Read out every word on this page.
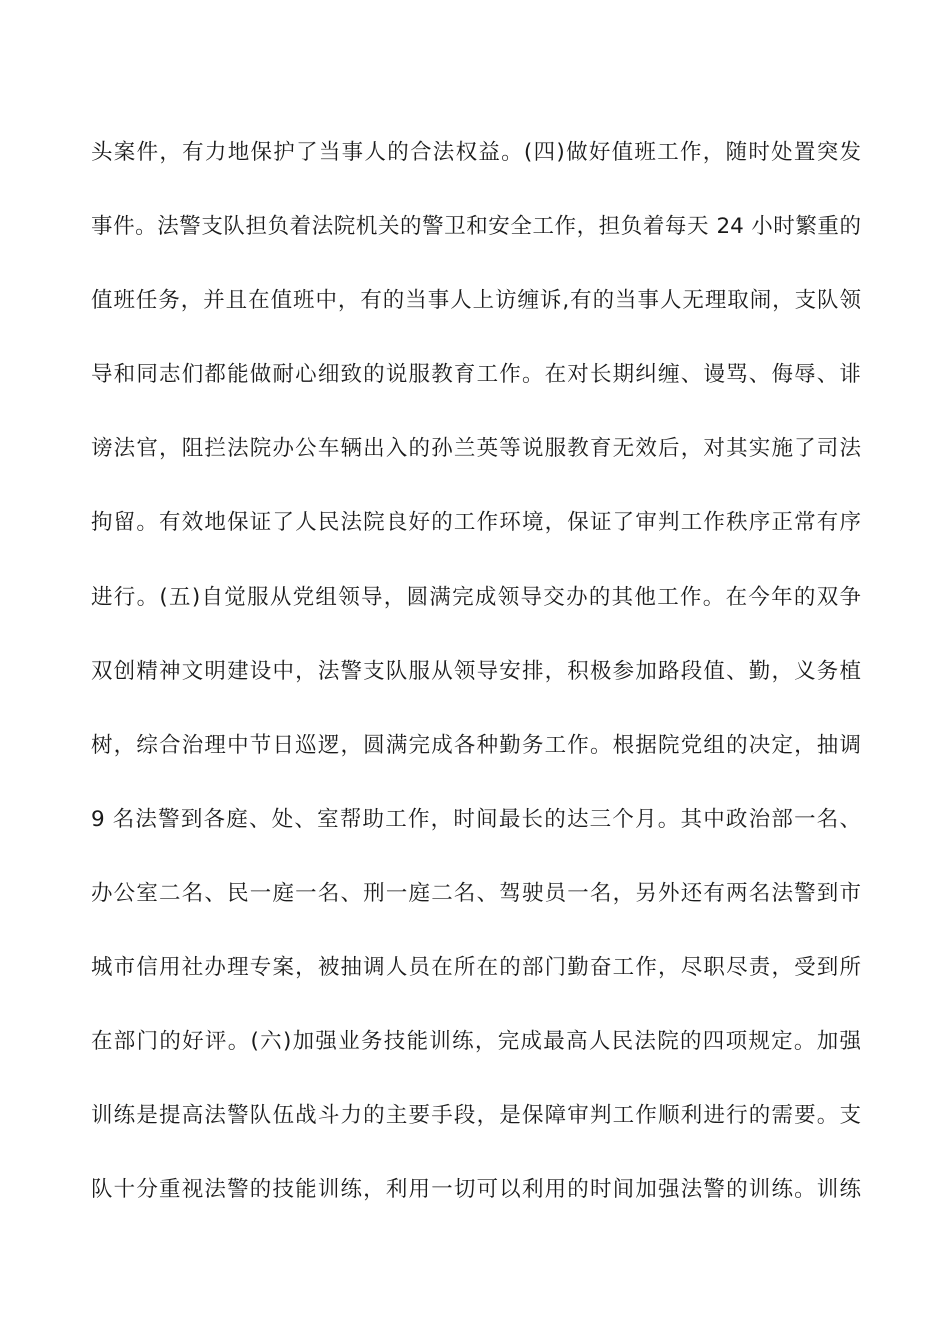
头案件，有力地保护了当事人的合法权益。(四)做好值班工作，随时处置突发
事件。法警支队担负着法院机关的警卫和安全工作，担负着每天 24 小时繁重的
值班任务，并且在值班中，有的当事人上访缠诉,有的当事人无理取闹，支队领
导和同志们都能做耐心细致的说服教育工作。在对长期纠缠、谩骂、侮辱、诽
谤法官，阻拦法院办公车辆出入的孙兰英等说服教育无效后，对其实施了司法
拘留。有效地保证了人民法院良好的工作环境，保证了审判工作秩序正常有序
进行。(五)自觉服从党组领导，圆满完成领导交办的其他工作。在今年的双争
双创精神文明建设中，法警支队服从领导安排，积极参加路段值、勤，义务植
树，综合治理中节日巡逻，圆满完成各种勤务工作。根据院党组的决定，抽调
9 名法警到各庭、处、室帮助工作，时间最长的达三个月。其中政治部一名、
办公室二名、民一庭一名、刑一庭二名、驾驶员一名，另外还有两名法警到市
城市信用社办理专案，被抽调人员在所在的部门勤奋工作，尽职尽责，受到所
在部门的好评。(六)加强业务技能训练，完成最高人民法院的四项规定。加强
训练是提高法警队伍战斗力的主要手段，是保障审判工作顺利进行的需要。支
队十分重视法警的技能训练，利用一切可以利用的时间加强法警的训练。训练
